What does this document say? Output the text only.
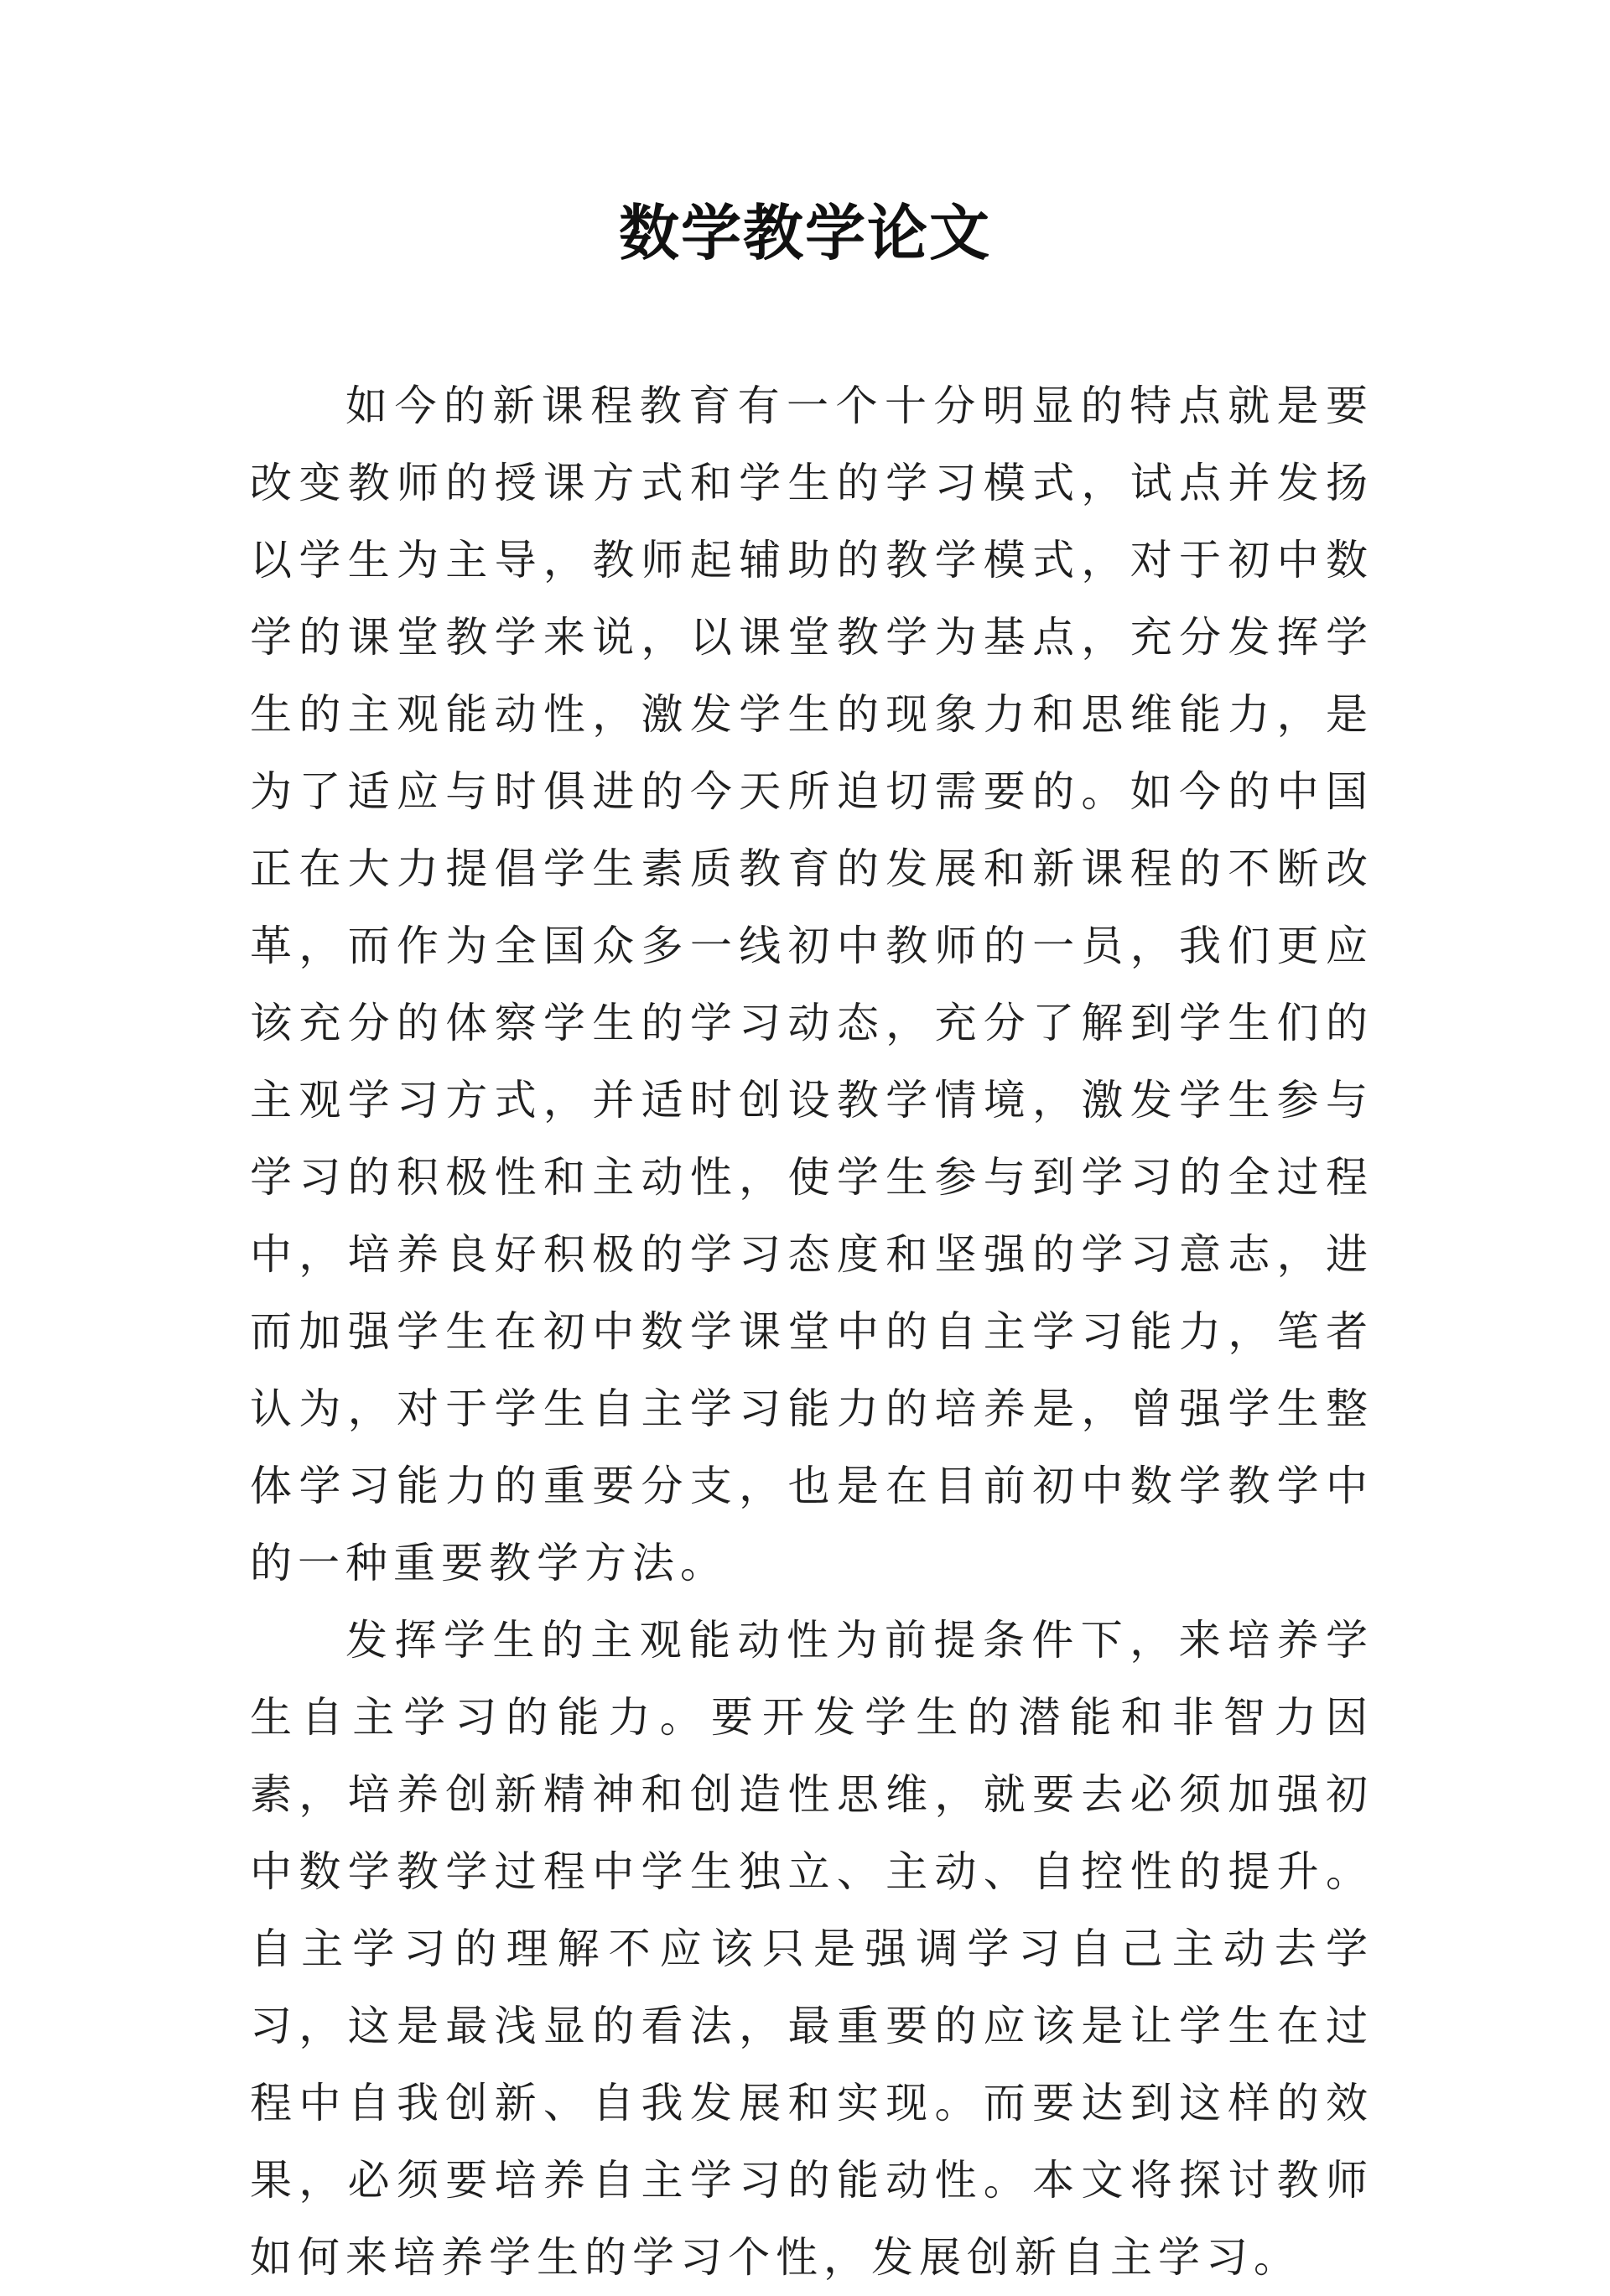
数学教学论文

如今的新课程教育有一个十分明显的特点就是要改变教师的授课方式和学生的学习模式，试点并发扬以学生为主导，教师起辅助的教学模式，对于初中数学的课堂教学来说，以课堂教学为基点，充分发挥学生的主观能动性，激发学生的现象力和思维能力，是为了适应与时俱进的今天所迫切需要的。如今的中国正在大力提倡学生素质教育的发展和新课程的不断改革，而作为全国众多一线初中教师的一员，我们更应该充分的体察学生的学习动态，充分了解到学生们的主观学习方式，并适时创设教学情境，激发学生参与学习的积极性和主动性，使学生参与到学习的全过程中，培养良好积极的学习态度和坚强的学习意志，进而加强学生在初中数学课堂中的自主学习能力，笔者认为，对于学生自主学习能力的培养是，曾强学生整体学习能力的重要分支，也是在目前初中数学教学中的一种重要教学方法。

发挥学生的主观能动性为前提条件下，来培养学生自主学习的能力。要开发学生的潜能和非智力因素，培养创新精神和创造性思维，就要去必须加强初中数学教学过程中学生独立、主动、自控性的提升。自主学习的理解不应该只是强调学习自己主动去学习，这是最浅显的看法，最重要的应该是让学生在过程中自我创新、自我发展和实现。而要达到这样的效果，必须要培养自主学习的能动性。本文将探讨教师如何来培养学生的学习个性，发展创新自主学习。
